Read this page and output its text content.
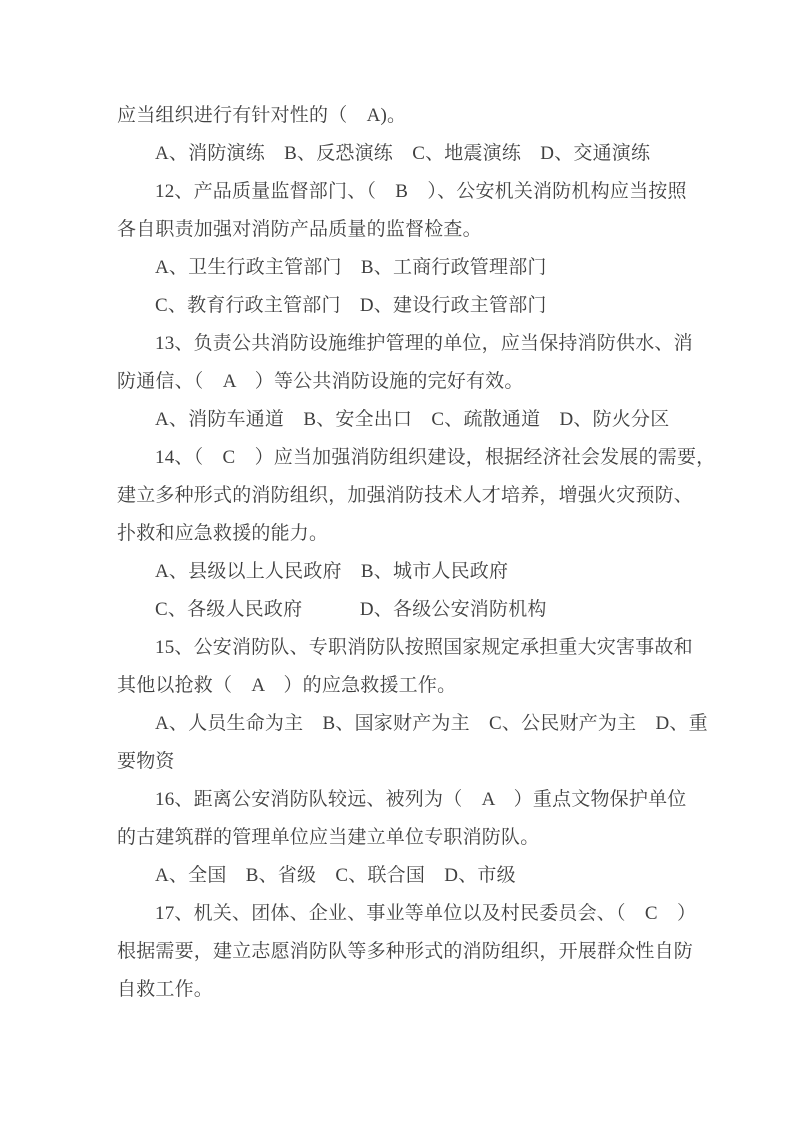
应当组织进行有针对性的（　A)。
A、消防演练　B、反恐演练　C、地震演练　D、交通演练
12、产品质量监督部门、（　B　）、公安机关消防机构应当按照
各自职责加强对消防产品质量的监督检查。
A、卫生行政主管部门　B、工商行政管理部门
C、教育行政主管部门　D、建设行政主管部门
13、负责公共消防设施维护管理的单位，应当保持消防供水、消
防通信、（　A　）等公共消防设施的完好有效。
A、消防车通道　B、安全出口　C、疏散通道　D、防火分区
14、（　C　）应当加强消防组织建设，根据经济社会发展的需要，
建立多种形式的消防组织，加强消防技术人才培养，增强火灾预防、
扑救和应急救援的能力。
A、县级以上人民政府　B、城市人民政府
C、各级人民政府　　　D、各级公安消防机构
15、公安消防队、专职消防队按照国家规定承担重大灾害事故和
其他以抢救（　A　）的应急救援工作。
A、人员生命为主　B、国家财产为主　C、公民财产为主　D、重
要物资
16、距离公安消防队较远、被列为（　A　）重点文物保护单位
的古建筑群的管理单位应当建立单位专职消防队。
A、全国　B、省级　C、联合国　D、市级
17、机关、团体、企业、事业等单位以及村民委员会、（　C　）
根据需要，建立志愿消防队等多种形式的消防组织，开展群众性自防
自救工作。
